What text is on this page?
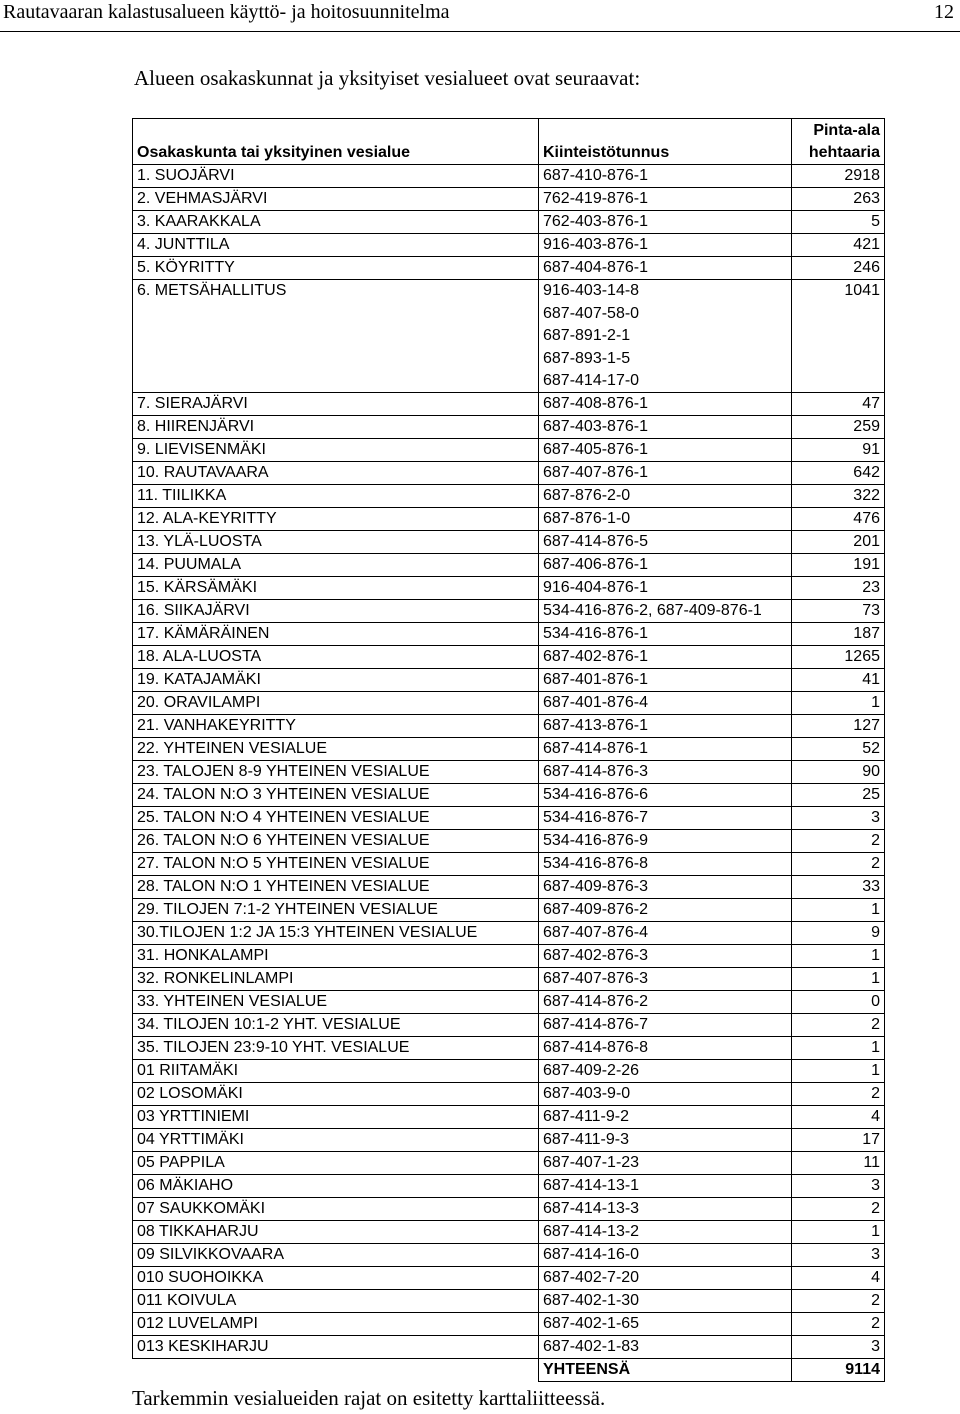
Rautavaaran kalastusalueen käyttö- ja hoitosuunnitelma	12
Alueen osakaskunnat ja yksityiset vesialueet ovat seuraavat:
Osakaskunta tai yksityinen vesialue	Kiinteistötunnus	Pinta-ala
hehtaaria

1. SUOJÄRVI	687-410-876-1	2918
2. VEHMASJÄRVI	762-419-876-1	263
3. KAARAKKALA	762-403-876-1	5
4. JUNTTILA	916-403-876-1	421
5. KÖYRITTY	687-404-876-1	246
6. METSÄHALLITUS	916-403-14-8	1041
	687-407-58-0	
	687-891-2-1	
	687-893-1-5	
	687-414-17-0	
7. SIERAJÄRVI	687-408-876-1	47
8. HIIRENJÄRVI	687-403-876-1	259
9. LIEVISENMÄKI	687-405-876-1	91
10. RAUTAVAARA	687-407-876-1	642
11. TIILIKKA	687-876-2-0	322
12. ALA-KEYRITTY	687-876-1-0	476
13. YLÄ-LUOSTA	687-414-876-5	201
14. PUUMALA	687-406-876-1	191
15. KÄRSÄMÄKI	916-404-876-1	23
16. SIIKAJÄRVI	534-416-876-2, 687-409-876-1	73
17. KÄMÄRÄINEN	534-416-876-1	187
18. ALA-LUOSTA	687-402-876-1	1265
19. KATAJAMÄKI	687-401-876-1	41
20. ORAVILAMPI	687-401-876-4	1
21. VANHAKEYRITTY	687-413-876-1	127
22. YHTEINEN VESIALUE	687-414-876-1	52
23. TALOJEN 8-9 YHTEINEN VESIALUE	687-414-876-3	90
24. TALON N:O 3 YHTEINEN VESIALUE	534-416-876-6	25
25. TALON N:O 4 YHTEINEN VESIALUE	534-416-876-7	3
26. TALON N:O 6 YHTEINEN VESIALUE	534-416-876-9	2
27. TALON N:O 5 YHTEINEN VESIALUE	534-416-876-8	2
28. TALON N:O 1 YHTEINEN VESIALUE	687-409-876-3	33
29. TILOJEN 7:1-2 YHTEINEN VESIALUE	687-409-876-2	1
30.TILOJEN 1:2 JA 15:3 YHTEINEN VESIALUE	687-407-876-4	9
31. HONKALAMPI	687-402-876-3	1
32. RONKELINLAMPI	687-407-876-3	1
33. YHTEINEN VESIALUE	687-414-876-2	0
34. TILOJEN 10:1-2 YHT. VESIALUE	687-414-876-7	2
35. TILOJEN 23:9-10 YHT. VESIALUE	687-414-876-8	1
01 RIITAMÄKI	687-409-2-26	1
02 LOSOMÄKI	687-403-9-0	2
03 YRTTINIEMI	687-411-9-2	4
04 YRTTIMÄKI	687-411-9-3	17
05 PAPPILA	687-407-1-23	11
06 MÄKIAHO	687-414-13-1	3
07 SAUKKOMÄKI	687-414-13-3	2
08 TIKKAHARJU	687-414-13-2	1
09 SILVIKKOVAARA	687-414-16-0	3
010 SUOHOIKKA	687-402-7-20	4
011 KOIVULA	687-402-1-30	2
012 LUVELAMPI	687-402-1-65	2
013 KESKIHARJU	687-402-1-83	3
	YHTEENSÄ	9114
Tarkemmin vesialueiden rajat on esitetty karttaliitteessä.
